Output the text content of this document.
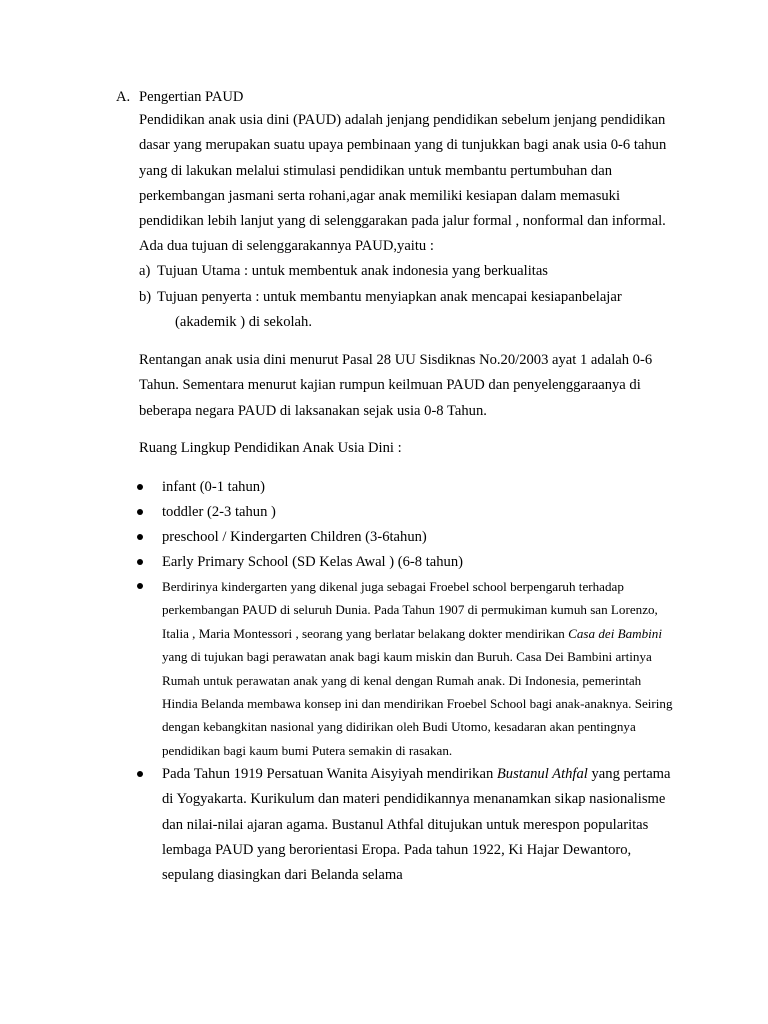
A. Pengertian PAUD

Pendidikan anak usia dini (PAUD) adalah jenjang pendidikan sebelum jenjang pendidikan dasar yang merupakan suatu upaya pembinaan yang di tunjukkan bagi anak usia 0-6 tahun yang di lakukan melalui stimulasi pendidikan untuk membantu pertumbuhan dan perkembangan jasmani serta rohani,agar anak memiliki kesiapan dalam memasuki pendidikan lebih lanjut yang di selenggarakan pada jalur formal , nonformal dan informal.

Ada dua tujuan di selenggarakannya PAUD,yaitu :

a) Tujuan Utama : untuk membentuk anak indonesia yang berkualitas
b) Tujuan penyerta : untuk membantu menyiapkan anak mencapai kesiapanbelajar
(akademik ) di sekolah.

Rentangan anak usia dini menurut Pasal 28 UU Sisdiknas No.20/2003 ayat 1 adalah 0-6 Tahun. Sementara menurut kajian rumpun keilmuan PAUD dan penyelenggaraanya di beberapa negara PAUD di laksanakan sejak usia 0-8 Tahun.

Ruang Lingkup Pendidikan Anak Usia Dini :

infant (0-1 tahun)
toddler (2-3 tahun )
preschool / Kindergarten Children (3-6tahun)
Early Primary School (SD Kelas Awal ) (6-8 tahun)
Berdirinya kindergarten yang dikenal juga sebagai Froebel school berpengaruh terhadap perkembangan PAUD di seluruh Dunia. Pada Tahun 1907 di permukiman kumuh san Lorenzo, Italia , Maria Montessori , seorang yang berlatar belakang dokter mendirikan Casa dei Bambini yang di tujukan bagi perawatan anak bagi kaum miskin dan Buruh. Casa Dei Bambini artinya Rumah untuk perawatan anak yang di kenal dengan Rumah anak. Di Indonesia, pemerintah Hindia Belanda membawa konsep ini dan mendirikan Froebel School bagi anak-anaknya. Seiring dengan kebangkitan nasional yang didirikan oleh Budi Utomo, kesadaran akan pentingnya pendidikan bagi kaum bumi Putera semakin di rasakan.
Pada Tahun 1919 Persatuan Wanita Aisyiyah mendirikan Bustanul Athfal yang pertama di Yogyakarta. Kurikulum dan materi pendidikannya menanamkan sikap nasionalisme dan nilai-nilai ajaran agama. Bustanul Athfal ditujukan untuk merespon popularitas lembaga PAUD yang berorientasi Eropa. Pada tahun 1922, Ki Hajar Dewantoro, sepulang diasingkan dari Belanda selama
